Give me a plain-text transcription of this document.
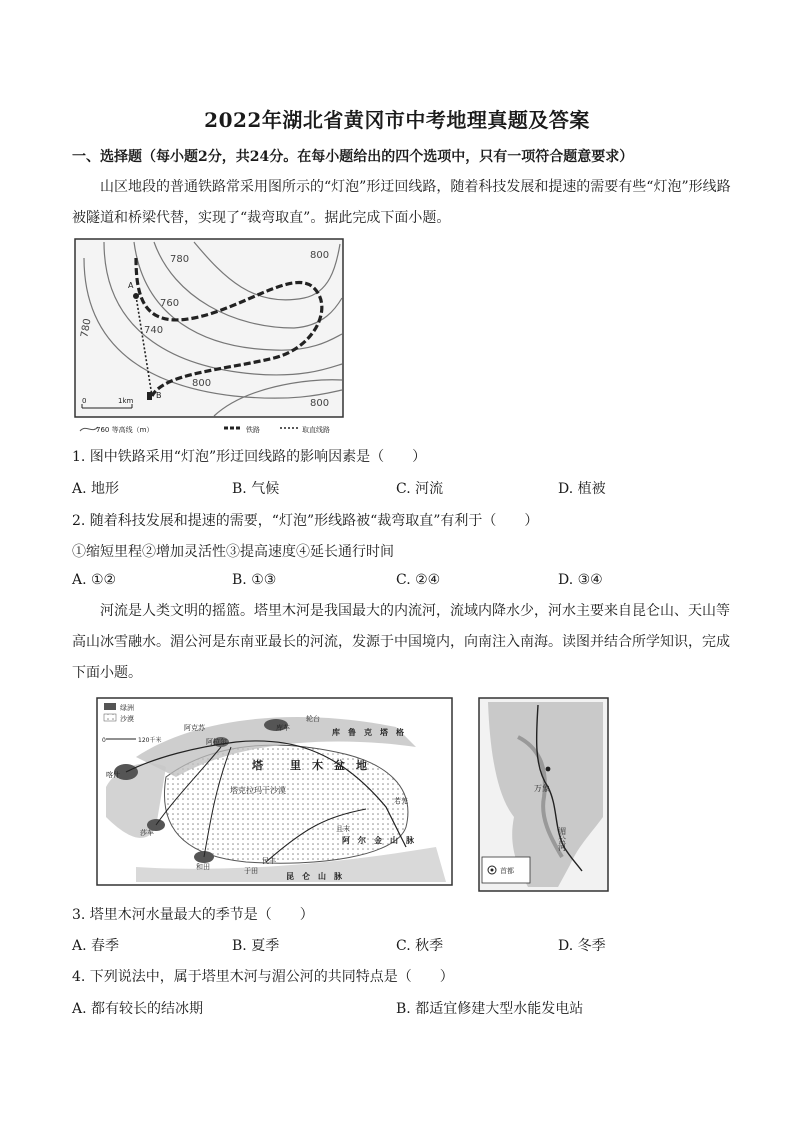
2022年湖北省黄冈市中考地理真题及答案
一、选择题（每小题2分，共24分。在每小题给出的四个选项中，只有一项符合题意要求）
山区地段的普通铁路常采用图所示的“灯泡”形迂回线路，随着科技发展和提速的需要有些“灯泡”形线路被隧道和桥梁代替，实现了“裁弯取直”。据此完成下面小题。
800
780
760
740
780
800
800
A
B
0	1km
760 等高线（m）	铁路	取直线路
1. 图中铁路采用“灯泡”形迂回线路的影响因素是（　　）
A. 地形	B. 气候	C. 河流	D. 植被
2. 随着科技发展和提速的需要，“灯泡”形线路被“裁弯取直”有利于（　　）
①缩短里程②增加灵活性③提高速度④延长通行时间
A. ①②	B. ①③	C. ②④	D. ③④
河流是人类文明的摇篮。塔里木河是我国最大的内流河，流域内降水少，河水主要来自昆仑山、天山等高山冰雪融水。湄公河是东南亚最长的河流，发源于中国境内，向南注入南海。读图并结合所学知识，完成下面小题。
绿洲
沙漠
0	120千米
阿克苏
阿拉尔
库车
轮台
喀什
莎车
和田	于田
民丰
且末
若羌
库　鲁　克　塔　格
塔 里　木　盆　地
塔克拉玛干沙漠
阿　尔　金　山　脉
昆　仑　山　脉
万象
湄公河
首都
3. 塔里木河水量最大的季节是（　　）
A. 春季	B. 夏季	C. 秋季	D. 冬季
4. 下列说法中，属于塔里木河与湄公河的共同特点是（　　）
A. 都有较长的结冰期	B. 都适宜修建大型水能发电站
